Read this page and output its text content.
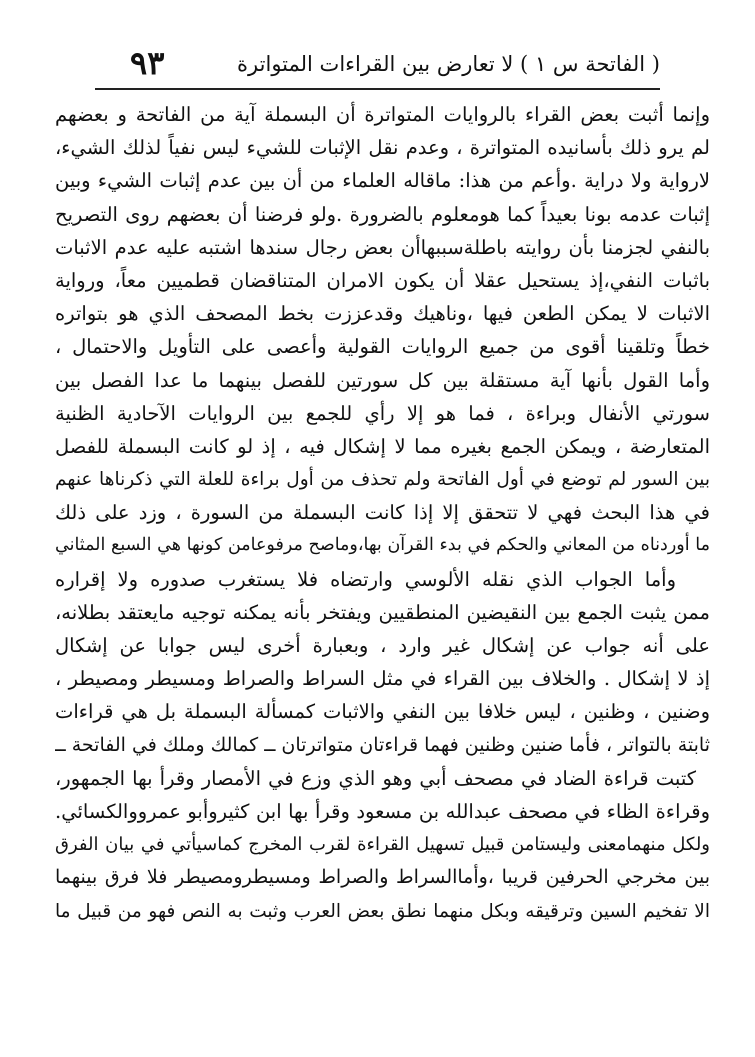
( الفاتحة س ١ ) لا تعارض بين القراءات المتواترة
٩٣
وإنما أثبت بعض القراء بالروايات المتواترة أن البسملة آية من الفاتحة و بعضهم
لم يرو ذلك بأسانيده المتواترة ، وعدم نقل الإثبات للشيء ليس نفياً لذلك الشيء،
لارواية ولا دراية .وأعم من هذا: ماقاله العلماء من أن بين عدم إثبات الشيء وبين
إثبات عدمه بونا بعيداً كما هومعلوم بالضرورة .ولو فرضنا أن بعضهم روى التصريح
بالنفي لجزمنا بأن روايته باطلةسببهاأن بعض رجال سندها اشتبه عليه عدم الاثبات
باثبات النفي،إذ يستحيل عقلا أن يكون الامران المتناقضان قطميين معاً، ورواية
الاثبات لا يمكن الطعن فيها ،وناهيك وقدعززت بخط المصحف الذي هو بتواتره
خطاً وتلقينا أقوى من جميع الروايات القولية وأعصى على التأويل والاحتمال ،
وأما القول بأنها آية مستقلة بين كل سورتين للفصل بينهما ما عدا الفصل بين
سورتي الأنفال وبراءة ، فما هو إلا رأي للجمع بين الروايات الآحادية الظنية
المتعارضة ، ويمكن الجمع بغيره مما لا إشكال فيه ، إذ لو كانت البسملة للفصل
بين السور لم توضع في أول الفاتحة ولم تحذف من أول براءة للعلة التي ذكرناها عنهم
في هذا البحث فهي لا تتحقق إلا إذا كانت البسملة من السورة ، وزد على ذلك
ما أوردناه من المعاني والحكم في بدء القرآن بها،وماصح مرفوعامن كونها هي السبع المثاني
وأما الجواب الذي نقله الألوسي وارتضاه فلا يستغرب صدوره ولا إقراره
ممن يثبت الجمع بين النقيضين المنطقيين ويفتخر بأنه يمكنه توجيه مايعتقد بطلانه،
على أنه جواب عن إشكال غير وارد ، وبعبارة أخرى ليس جوابا عن إشكال
إذ لا إشكال . والخلاف بين القراء في مثل السراط والصراط ومسيطر ومصيطر ،
وضنين ، وظنين ، ليس خلافا بين النفي والاثبات كمسألة البسملة بل هي قراءات
ثابتة بالتواتر ، فأما ضنين وظنين فهما قراءتان متواترتان ــ كمالك وملك في الفاتحة ــ
كتبت قراءة الضاد في مصحف أبي وهو الذي وزع في الأمصار وقرأ بها الجمهور،
وقراءة الظاء في مصحف عبدالله بن مسعود وقرأ بها ابن كثيروأبو عمرووالكسائي.
ولكل منهمامعنى وليستامن قبيل تسهيل القراءة لقرب المخرج كماسيأتي في بيان الفرق
بين مخرجي الحرفين قريبا ،وأماالسراط والصراط ومسيطرومصيطر فلا فرق بينهما
الا تفخيم السين وترقيقه وبكل منهما نطق بعض العرب وثبت به النص فهو من قبيل ما
